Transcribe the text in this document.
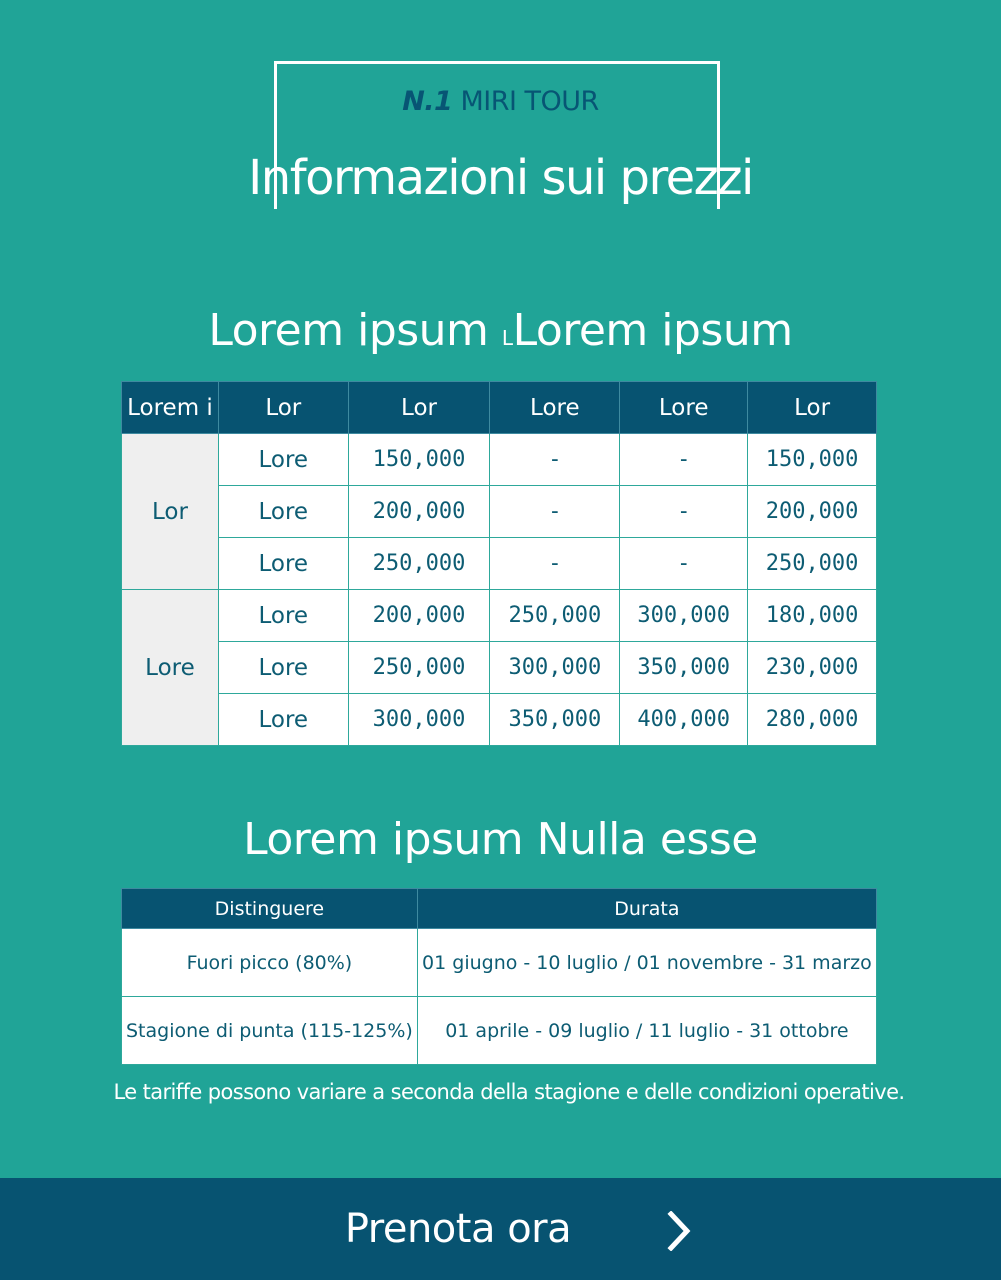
N.1 MIRI TOUR
Informazioni sui prezzi
Lorem ipsum LLorem ipsum
Lorem i	Lor	Lor	Lore	Lore	Lor
Lor	Lore	150,000	-	-	150,000
	Lore	200,000	-	-	200,000
	Lore	250,000	-	-	250,000
Lore	Lore	200,000	250,000	300,000	180,000
	Lore	250,000	300,000	350,000	230,000
	Lore	300,000	350,000	400,000	280,000
Lorem ipsum Nulla esse
Distinguere	Durata
Fuori picco (80%)	01 giugno - 10 luglio / 01 novembre - 31 marzo
Stagione di punta (115-125%)	01 aprile - 09 luglio / 11 luglio - 31 ottobre
Le tariffe possono variare a seconda della stagione e delle condizioni operative.
Prenota ora
